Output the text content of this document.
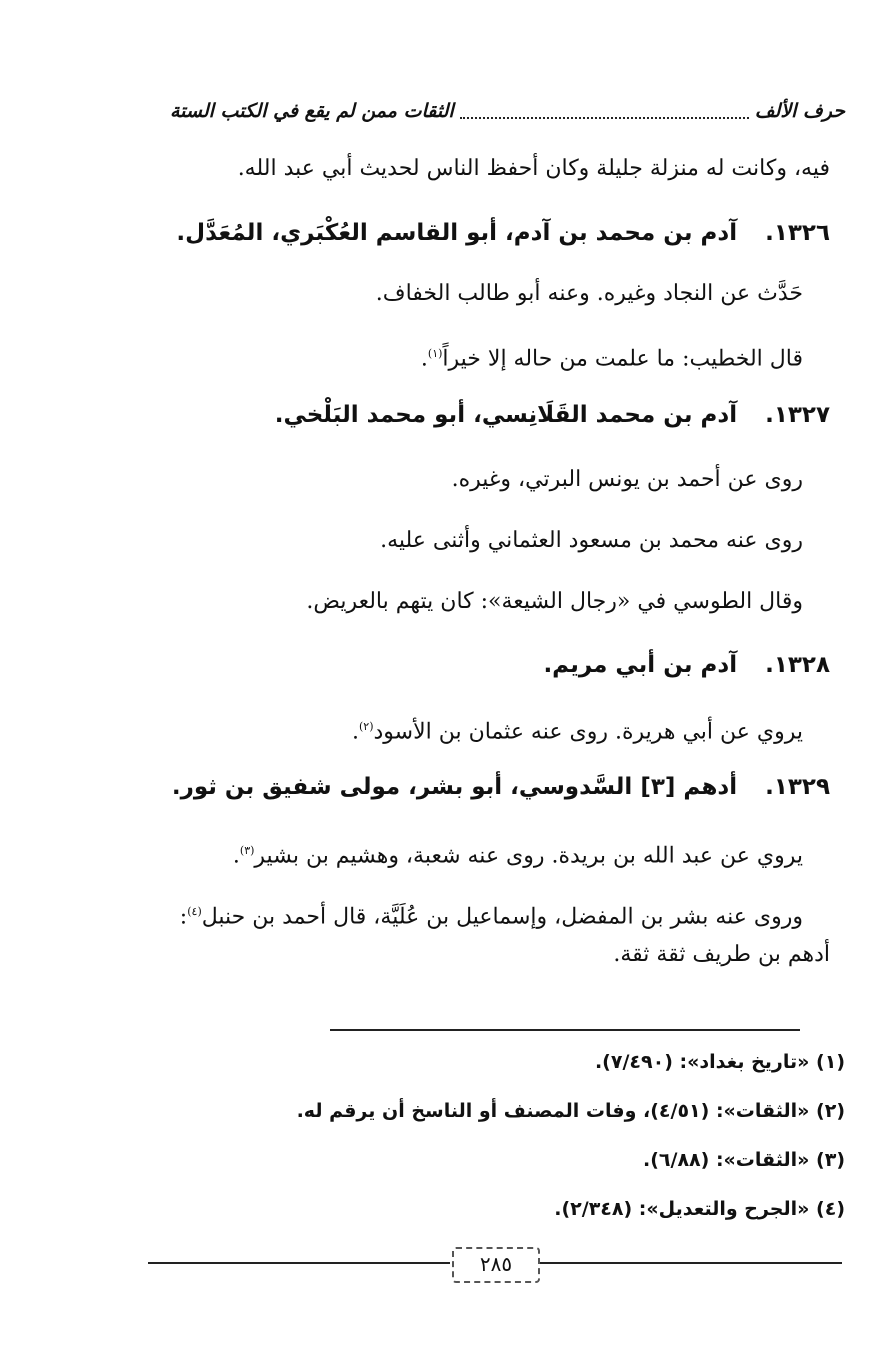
حرف الألف
الثقات ممن لم يقع في الكتب الستة
فيه، وكانت له منزلة جليلة وكان أحفظ الناس لحديث أبي عبد الله.
١٣٢٦.آدم بن محمد بن آدم، أبو القاسم العُكْبَري، المُعَدَّل.
حَدَّث عن النجاد وغيره. وعنه أبو طالب الخفاف.
قال الخطيب: ما علمت من حاله إلا خيراً$^{(١)}$.
١٣٢٧.آدم بن محمد القَلَانِسي، أبو محمد البَلْخي.
روى عن أحمد بن يونس البرتي، وغيره.
روى عنه محمد بن مسعود العثماني وأثنى عليه.
وقال الطوسي في «رجال الشيعة»: كان يتهم بالعريض.
١٣٢٨.آدم بن أبي مريم.
يروي عن أبي هريرة. روى عنه عثمان بن الأسود$^{(٢)}$.
١٣٢٩.أدهم [٣] السَّدوسي، أبو بشر، مولى شفيق بن ثور.
يروي عن عبد الله بن بريدة. روى عنه شعبة، وهشيم بن بشير$^{(٣)}$.
وروى عنه بشر بن المفضل، وإسماعيل بن عُلَيَّة، قال أحمد بن حنبل$^{(٤)}$:
أدهم بن طريف ثقة ثقة.
(١) «تاريخ بغداد»: (٧/٤٩٠).
(٢) «الثقات»: (٤/٥١)، وفات المصنف أو الناسخ أن يرقم له.
(٣) «الثقات»: (٦/٨٨).
(٤) «الجرح والتعديل»: (٢/٣٤٨).
٢٨٥
